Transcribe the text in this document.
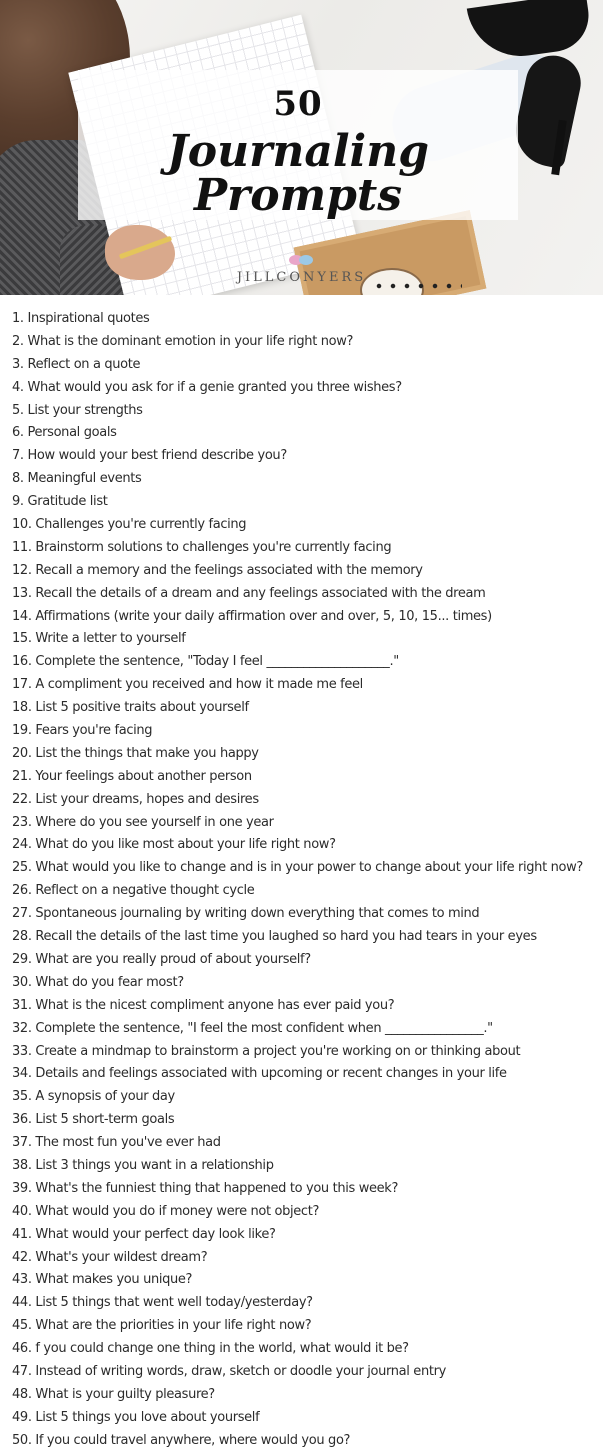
50
Journaling Prompts
JILLCONYERS
1. Inspirational quotes
2. What is the dominant emotion in your life right now?
3. Reflect on a quote
4. What would you ask for if a genie granted you three wishes?
5. List your strengths
6. Personal goals
7. How would your best friend describe you?
8. Meaningful events
9. Gratitude list
10. Challenges you're currently facing
11. Brainstorm solutions to challenges you're currently facing
12. Recall a memory and the feelings associated with the memory
13. Recall the details of a dream and any feelings associated with the dream
14. Affirmations (write your daily affirmation over and over, 5, 10, 15... times)
15. Write a letter to yourself
16. Complete the sentence, "Today I feel ____________________."
17. A compliment you received and how it made me feel
18. List 5 positive traits about yourself
19. Fears you're facing
20. List the things that make you happy
21. Your feelings about another person
22. List your dreams, hopes and desires
23. Where do you see yourself in one year
24. What do you like most about your life right now?
25. What would you like to change and is in your power to change about your life right now?
26. Reflect on a negative thought cycle
27. Spontaneous journaling by writing down everything that comes to mind
28. Recall the details of the last time you laughed so hard you had tears in your eyes
29. What are you really proud of about yourself?
30. What do you fear most?
31. What is the nicest compliment anyone has ever paid you?
32. Complete the sentence, "I feel the most confident when ________________."
33. Create a mindmap to brainstorm a project you're working on or thinking about
34. Details and feelings associated with upcoming or recent changes in your life
35. A synopsis of your day
36. List 5 short-term goals
37. The most fun you've ever had
38. List 3 things you want in a relationship
39. What's the funniest thing that happened to you this week?
40. What would you do if money were not object?
41. What would your perfect day look like?
42. What's your wildest dream?
43. What makes you unique?
44. List 5 things that went well today/yesterday?
45. What are the priorities in your life right now?
46. f you could change one thing in the world, what would it be?
47. Instead of writing words, draw, sketch or doodle your journal entry
48. What is your guilty pleasure?
49. List 5 things you love about yourself
50. If you could travel anywhere, where would you go?
